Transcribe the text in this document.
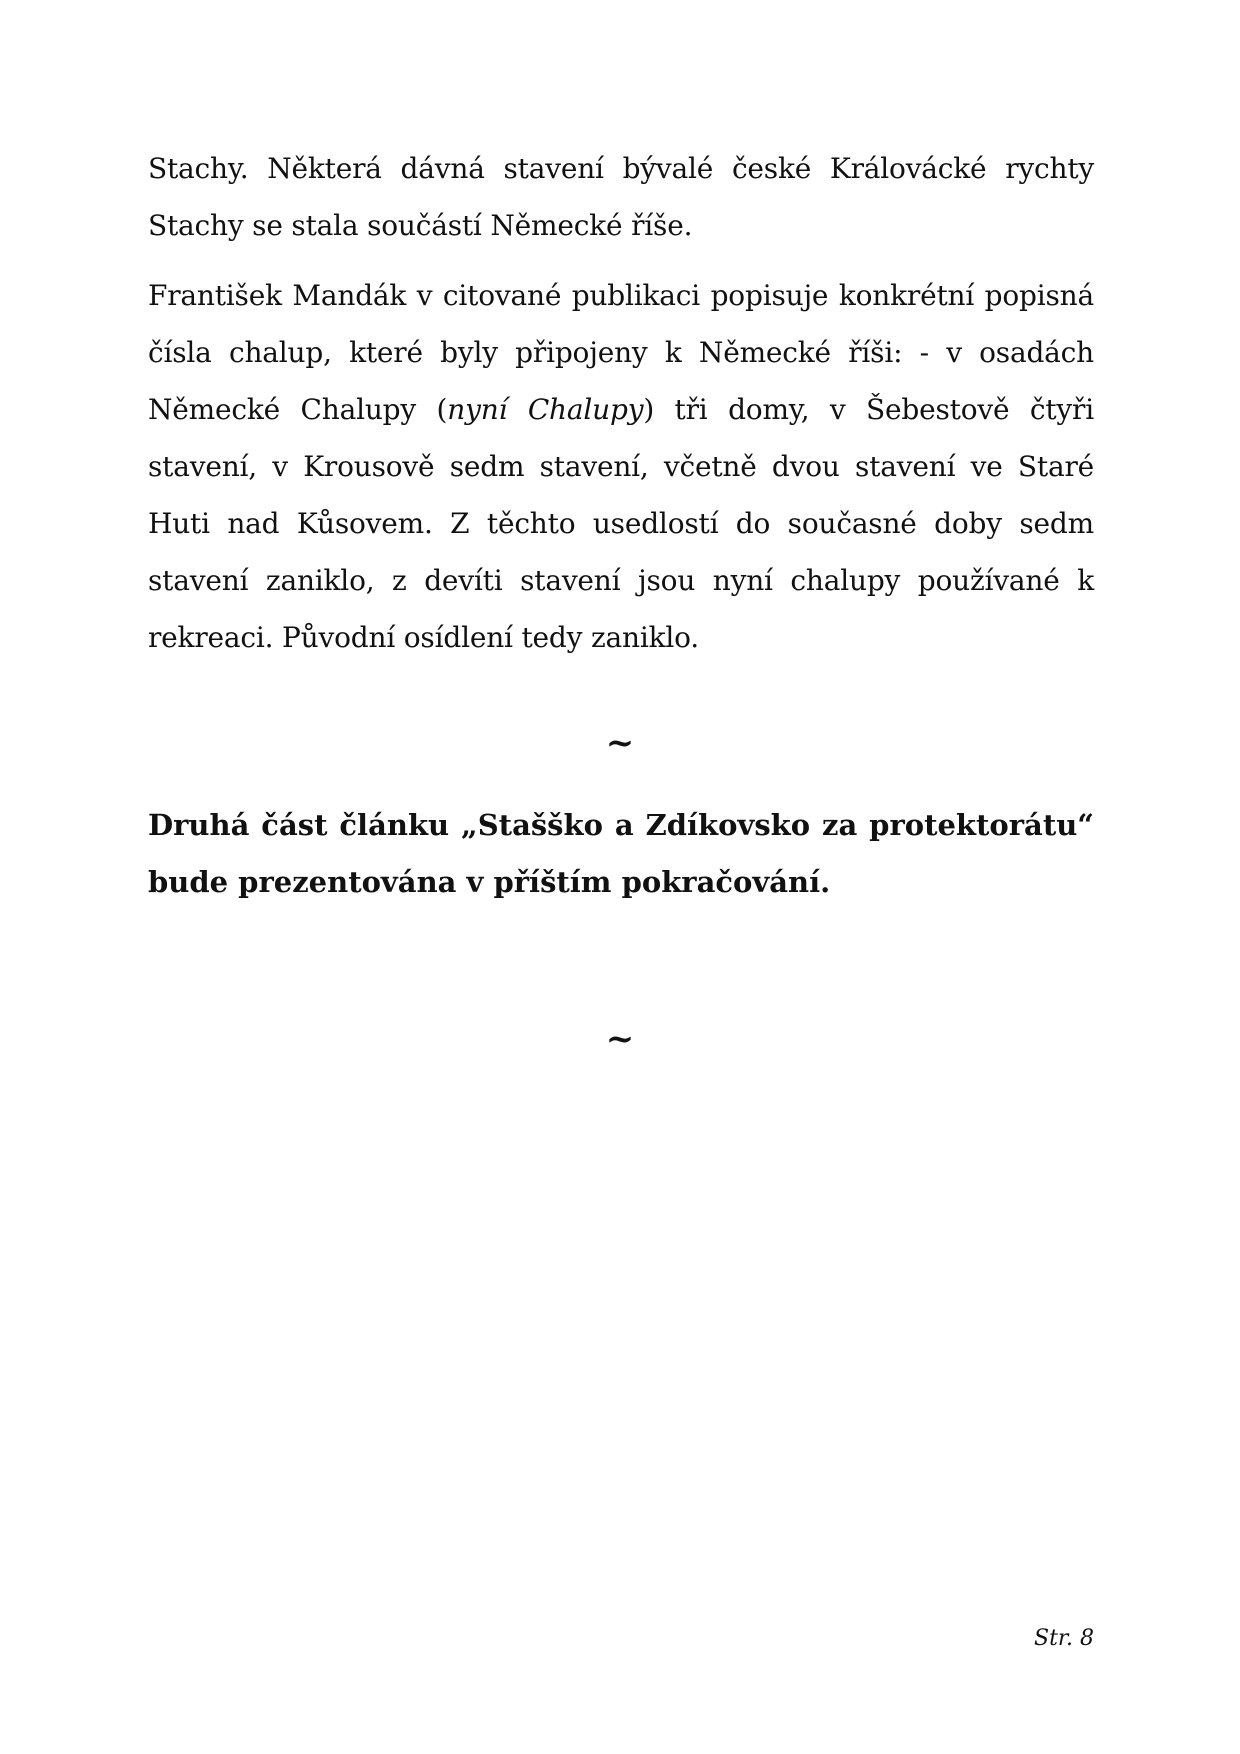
Stachy. Některá dávná stavení bývalé české Královácké rychty Stachy se stala součástí Německé říše.

František Mandák v citované publikaci popisuje konkrétní popisná čísla chalup, které byly připojeny k Německé říši: - v osadách Německé Chalupy (nyní Chalupy) tři domy, v Šebestově čtyři stavení, v Krousově sedm stavení, včetně dvou stavení ve Staré Huti nad Kůsovem. Z těchto usedlostí do současné doby sedm stavení zaniklo, z devíti stavení jsou nyní chalupy používané k rekreaci. Původní osídlení tedy zaniklo.

~

Druhá část článku „Stašško a Zdíkovsko za protektorátu“ bude prezentována v příštím pokračování.

~
Str. 8
